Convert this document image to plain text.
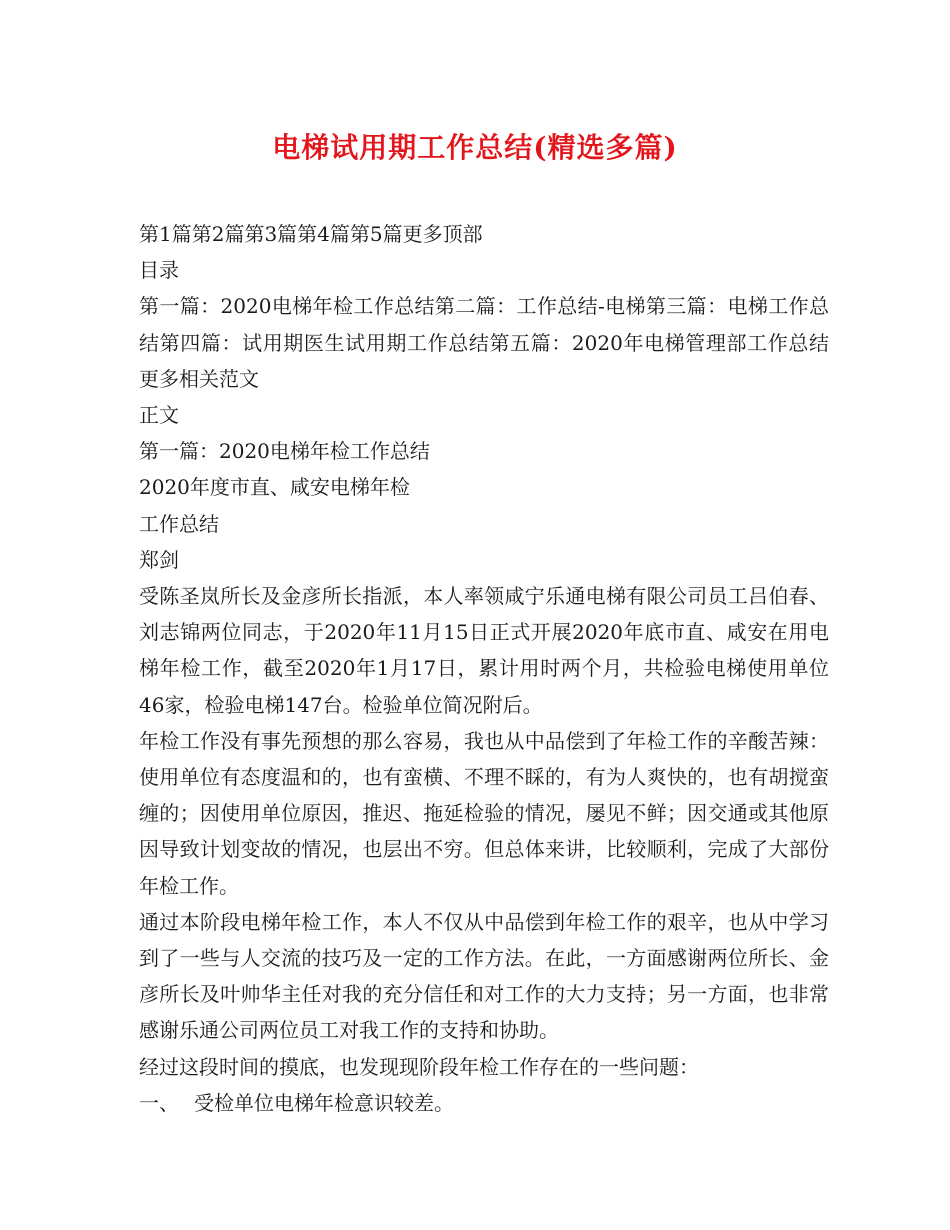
电梯试用期工作总结(精选多篇)

第1篇第2篇第3篇第4篇第5篇更多顶部

目录

第一篇：2020电梯年检工作总结第二篇：工作总结-电梯第三篇：电梯工作总结第四篇：试用期医生试用期工作总结第五篇：2020年电梯管理部工作总结更多相关范文

正文

第一篇：2020电梯年检工作总结

2020年度市直、咸安电梯年检

工作总结

郑剑

受陈圣岚所长及金彦所长指派，本人率领咸宁乐通电梯有限公司员工吕伯春、刘志锦两位同志，于2020年11月15日正式开展2020年底市直、咸安在用电梯年检工作，截至2020年1月17日，累计用时两个月，共检验电梯使用单位46家，检验电梯147台。检验单位简况附后。

年检工作没有事先预想的那么容易，我也从中品偿到了年检工作的辛酸苦辣：使用单位有态度温和的，也有蛮横、不理不睬的，有为人爽快的，也有胡搅蛮缠的；因使用单位原因，推迟、拖延检验的情况，屡见不鲜；因交通或其他原因导致计划变故的情况，也层出不穷。但总体来讲，比较顺利，完成了大部份年检工作。

通过本阶段电梯年检工作，本人不仅从中品偿到年检工作的艰辛，也从中学习到了一些与人交流的技巧及一定的工作方法。在此，一方面感谢两位所长、金彦所长及叶帅华主任对我的充分信任和对工作的大力支持；另一方面，也非常感谢乐通公司两位员工对我工作的支持和协助。

经过这段时间的摸底，也发现现阶段年检工作存在的一些问题：

一、 受检单位电梯年检意识较差。
